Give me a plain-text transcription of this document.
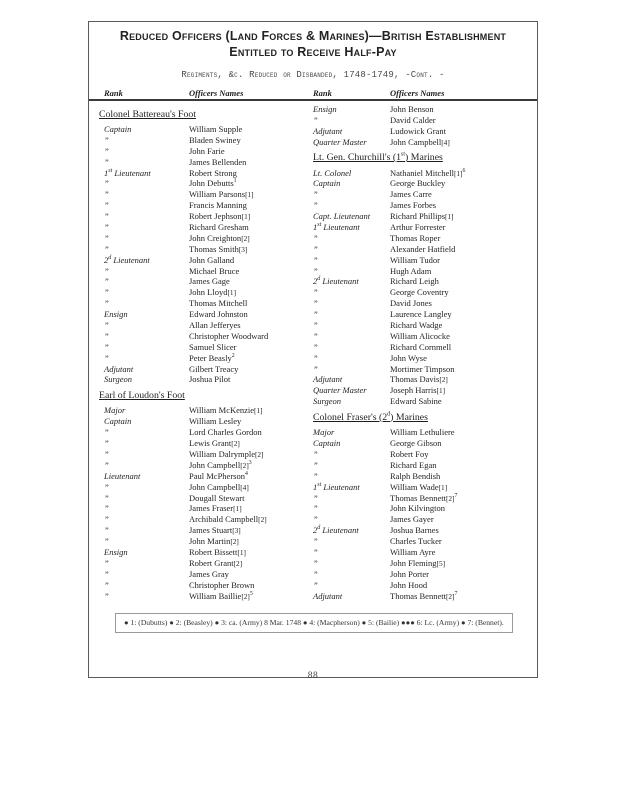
Reduced Officers (Land Forces & Marines)—British Establishment
Entitled to Receive Half-Pay
Regiments, &c. Reduced or Disbanded, 1748-1749, -Cont. -
Rank	Officers Names	Rank	Officers Names
Colonel Battereau's Foot
Captain	William Supple
”	Bladen Swiney
”	John Farie
”	James Bellenden
1st Lieutenant	Robert Strong
”	John Debutts$^1$
”	William Parsons[1]
”	Francis Manning
”	Robert Jephson[1]
”	Richard Gresham
”	John Creighton[2]
”	Thomas Smith[3]
2$^d$ Lieutenant	John Galland
”	Michael Bruce
”	James Gage
”	John Lloyd[1]
”	Thomas Mitchell
Ensign	Edward Johnston
”	Allan Jefferyes
”	Christopher Woodward
”	Samuel Slicer
”	Peter Beasly$^2$
Adjutant	Gilbert Treacy
Surgeon	Joshua Pilot
Earl of Loudon's Foot
Major	William McKenzie[1]
Captain	William Lesley
”	Lord Charles Gordon
”	Lewis Grant[2]
”	William Dalrymple[2]
”	John Campbell[2]$^3$
Lieutenant	Paul McPherson$^4$
”	John Campbell[4]
”	Dougall Stewart
”	James Fraser[1]
”	Archibald Campbell[2]
”	James Stuart[3]
”	John Martin[2]
Ensign	Robert Bissett[1]
”	Robert Grant[2]
”	James Gray
”	Christopher Brown
”	William Baillie[2]$^5$
Ensign	John Benson
”	David Calder
Adjutant	Ludowick Grant
Quarter Master	John Campbell[4]
Lt. Gen. Churchill's (1st) Marines
Lt. Colonel	Nathaniel Mitchell[1]$^6$
Captain	George Buckley
”	James Carre
”	James Forbes
Capt. Lieutenant	Richard Phillips[1]
1st Lieutenant	Arthur Forrester
”	Thomas Roper
”	Alexander Hatfield
”	William Tudor
”	Hugh Adam
2$^d$ Lieutenant	Richard Leigh
”	George Coventry
”	David Jones
”	Laurence Langley
”	Richard Wadge
”	William Alicocke
”	Richard Cornmell
”	John Wyse
”	Mortimer Timpson
Adjutant	Thomas Davis[2]
Quarter Master	Joseph Harris[1]
Surgeon	Edward Sabine
Colonel Fraser's (2$^d$) Marines
Major	William Lethuliere
Captain	George Gibson
”	Robert Foy
”	Richard Egan
”	Ralph Bendish
1st Lieutenant	William Wade[1]
”	Thomas Bennett[2]$^7$
”	John Kilvington
”	James Gayer
2$^d$ Lieutenant	Joshua Barnes
”	Charles Tucker
”	William Ayre
”	John Fleming[5]
”	John Porter
”	John Hood
Adjutant	Thomas Bennett[2]$^7$
● 1: (Dubutts) ● 2: (Beasley) ● 3: ca. (Army) 8 Mar. 1748 ● 4: (Macpherson) ● 5: (Bailie) ●●● 6: Lc. (Army) ● 7: (Bennet).
88
